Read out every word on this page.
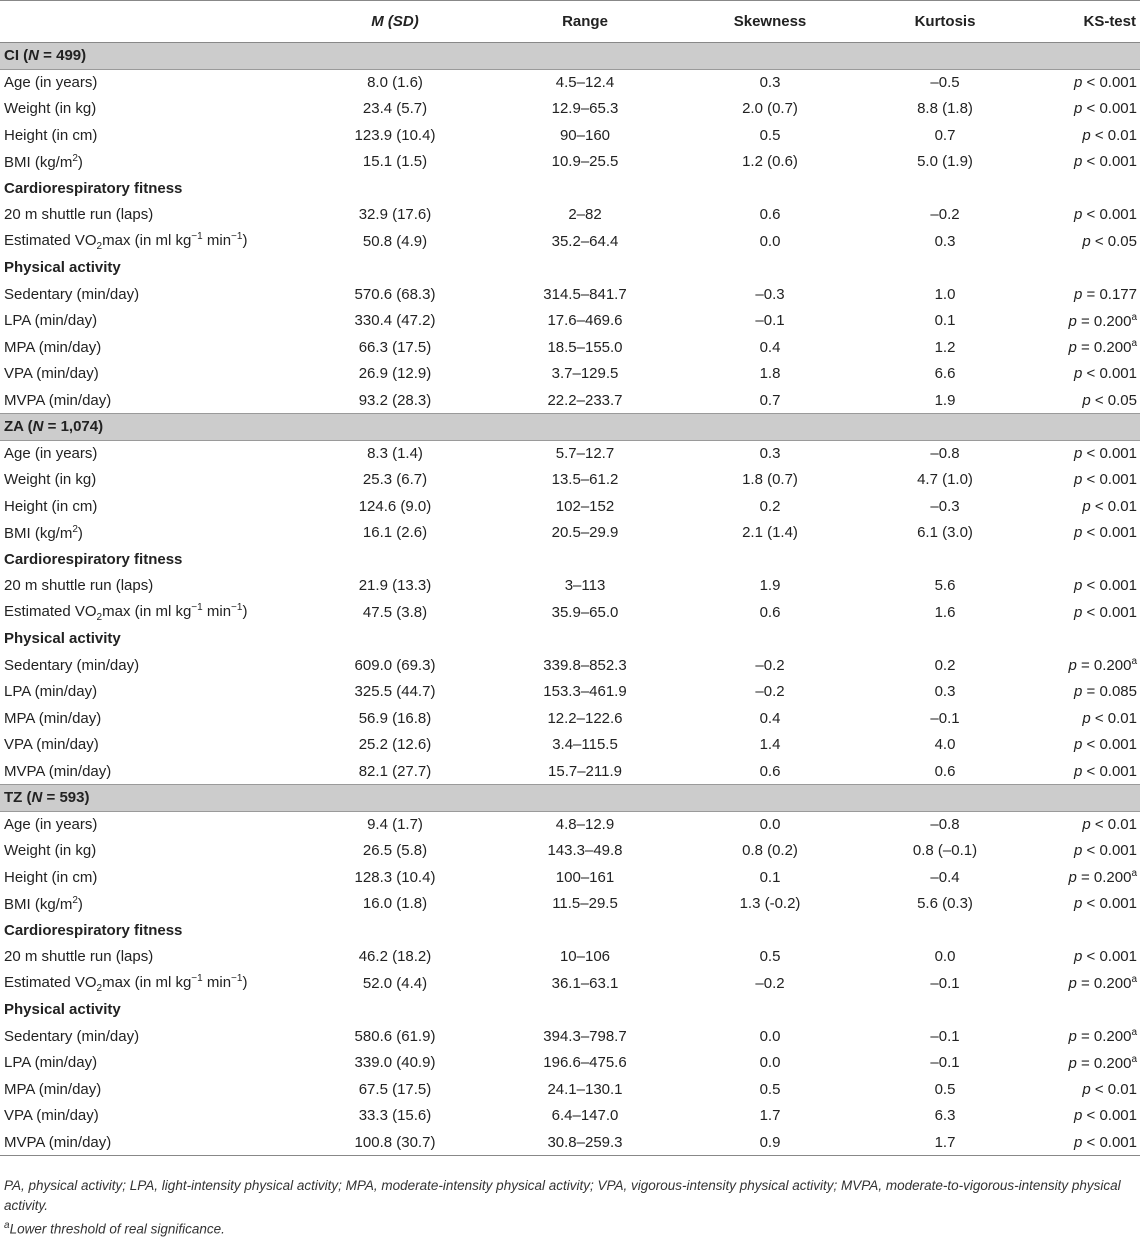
	M (SD)	Range	Skewness	Kurtosis	KS-test
CI (N = 499)					
Age (in years)	8.0 (1.6)	4.5–12.4	0.3	–0.5	p < 0.001
Weight (in kg)	23.4 (5.7)	12.9–65.3	2.0 (0.7)	8.8 (1.8)	p < 0.001
Height (in cm)	123.9 (10.4)	90–160	0.5	0.7	p < 0.01
BMI $(kg/m^2)$	15.1 (1.5)	10.9–25.5	1.2 (0.6)	5.0 (1.9)	p < 0.001
Cardiorespiratory fitness					
20 m shuttle run (laps)	32.9 (17.6)	2–82	0.6	–0.2	p < 0.001
Estimated $VO_2\max$ (in ml $kg^{-1}$ $\min^{-1}$)	50.8 (4.9)	35.2–64.4	0.0	0.3	p < 0.05
Physical activity					
Sedentary (min/day)	570.6 (68.3)	314.5–841.7	–0.3	1.0	p = 0.177
LPA (min/day)	330.4 (47.2)	17.6–469.6	–0.1	0.1	p = 0.200$^a$
MPA (min/day)	66.3 (17.5)	18.5–155.0	0.4	1.2	p = 0.200$^a$
VPA (min/day)	26.9 (12.9)	3.7–129.5	1.8	6.6	p < 0.001
MVPA (min/day)	93.2 (28.3)	22.2–233.7	0.7	1.9	p < 0.05
ZA (N = 1,074)					
Age (in years)	8.3 (1.4)	5.7–12.7	0.3	–0.8	p < 0.001
Weight (in kg)	25.3 (6.7)	13.5–61.2	1.8 (0.7)	4.7 (1.0)	p < 0.001
Height (in cm)	124.6 (9.0)	102–152	0.2	–0.3	p < 0.01
BMI $(kg/m^2)$	16.1 (2.6)	20.5–29.9	2.1 (1.4)	6.1 (3.0)	p < 0.001
Cardiorespiratory fitness					
20 m shuttle run (laps)	21.9 (13.3)	3–113	1.9	5.6	p < 0.001
Estimated $VO_2\max$ (in ml $kg^{-1}$ $\min^{-1}$)	47.5 (3.8)	35.9–65.0	0.6	1.6	p < 0.001
Physical activity					
Sedentary (min/day)	609.0 (69.3)	339.8–852.3	–0.2	0.2	p = 0.200$^a$
LPA (min/day)	325.5 (44.7)	153.3–461.9	–0.2	0.3	p = 0.085
MPA (min/day)	56.9 (16.8)	12.2–122.6	0.4	–0.1	p < 0.01
VPA (min/day)	25.2 (12.6)	3.4–115.5	1.4	4.0	p < 0.001
MVPA (min/day)	82.1 (27.7)	15.7–211.9	0.6	0.6	p < 0.001
TZ (N = 593)					
Age (in years)	9.4 (1.7)	4.8–12.9	0.0	–0.8	p < 0.01
Weight (in kg)	26.5 (5.8)	143.3–49.8	0.8 (0.2)	0.8 (–0.1)	p < 0.001
Height (in cm)	128.3 (10.4)	100–161	0.1	–0.4	p = 0.200$^a$
BMI $(kg/m^2)$	16.0 (1.8)	11.5–29.5	1.3 (-0.2)	5.6 (0.3)	p < 0.001
Cardiorespiratory fitness					
20 m shuttle run (laps)	46.2 (18.2)	10–106	0.5	0.0	p < 0.001
Estimated $VO_2\max$ (in ml $kg^{-1}$ $\min^{-1}$)	52.0 (4.4)	36.1–63.1	–0.2	–0.1	p = 0.200$^a$
Physical activity					
Sedentary (min/day)	580.6 (61.9)	394.3–798.7	0.0	–0.1	p = 0.200$^a$
LPA (min/day)	339.0 (40.9)	196.6–475.6	0.0	–0.1	p = 0.200$^a$
MPA (min/day)	67.5 (17.5)	24.1–130.1	0.5	0.5	p < 0.01
VPA (min/day)	33.3 (15.6)	6.4–147.0	1.7	6.3	p < 0.001
MVPA (min/day)	100.8 (30.7)	30.8–259.3	0.9	1.7	p < 0.001
PA, physical activity; LPA, light-intensity physical activity; MPA, moderate-intensity physical activity; VPA, vigorous-intensity physical activity; MVPA, moderate-to-vigorous-intensity physical activity.
$^a$Lower threshold of real significance.
